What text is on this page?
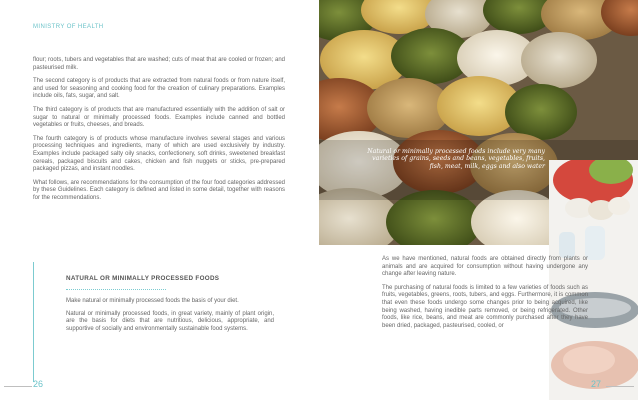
MINISTRY OF HEALTH

flour; roots, tubers and vegetables that are washed; cuts of meat that are cooled or frozen; and pasteurised milk.

The second category is of products that are extracted from natural foods or from nature itself, and used for seasoning and cooking food for the creation of culinary preparations. Examples include oils, fats, sugar, and salt.

The third category is of products that are manufactured essentially with the addition of salt or sugar to natural or minimally processed foods. Examples include canned and bottled vegetables or fruits, cheeses, and breads.

The fourth category is of products whose manufacture involves several stages and various processing techniques and ingredients, many of which are used exclusively by industry. Examples include packaged salty oily snacks, confectionery, soft drinks, sweetened breakfast cereals, packaged biscuits and cakes, chicken and fish nuggets or sticks, pre-prepared packaged pizzas, and instant noodles.

What follows, are recommendations for the consumption of the four food categories addressed by these Guidelines. Each category is defined and listed in some detail, together with reasons for the recommendations.

NATURAL OR MINIMALLY PROCESSED FOODS

Make natural or minimally processed foods the basis of your diet.

Natural or minimally processed foods, in great variety, mainly of plant origin, are the basis for diets that are nutritious, delicious, appropriate, and supportive of socially and environmentally sustainable food systems.

26
Natural or minimally processed foods include very many varieties of grains, seeds and beans, vegetables, fruits, fish, meat, milk, eggs and also water

As we have mentioned, natural foods are obtained directly from plants or animals and are acquired for consumption without having undergone any change after leaving nature.

The purchasing of natural foods is limited to a few varieties of foods such as fruits, vegetables, greens, roots, tubers, and eggs. Furthermore, it is common that even these foods undergo some changes prior to being acquired, like being washed, having inedible parts removed, or being refrigerated. Other foods, like rice, beans, and meat are commonly purchased after they have been dried, packaged, pasteurised, cooled, or

27
